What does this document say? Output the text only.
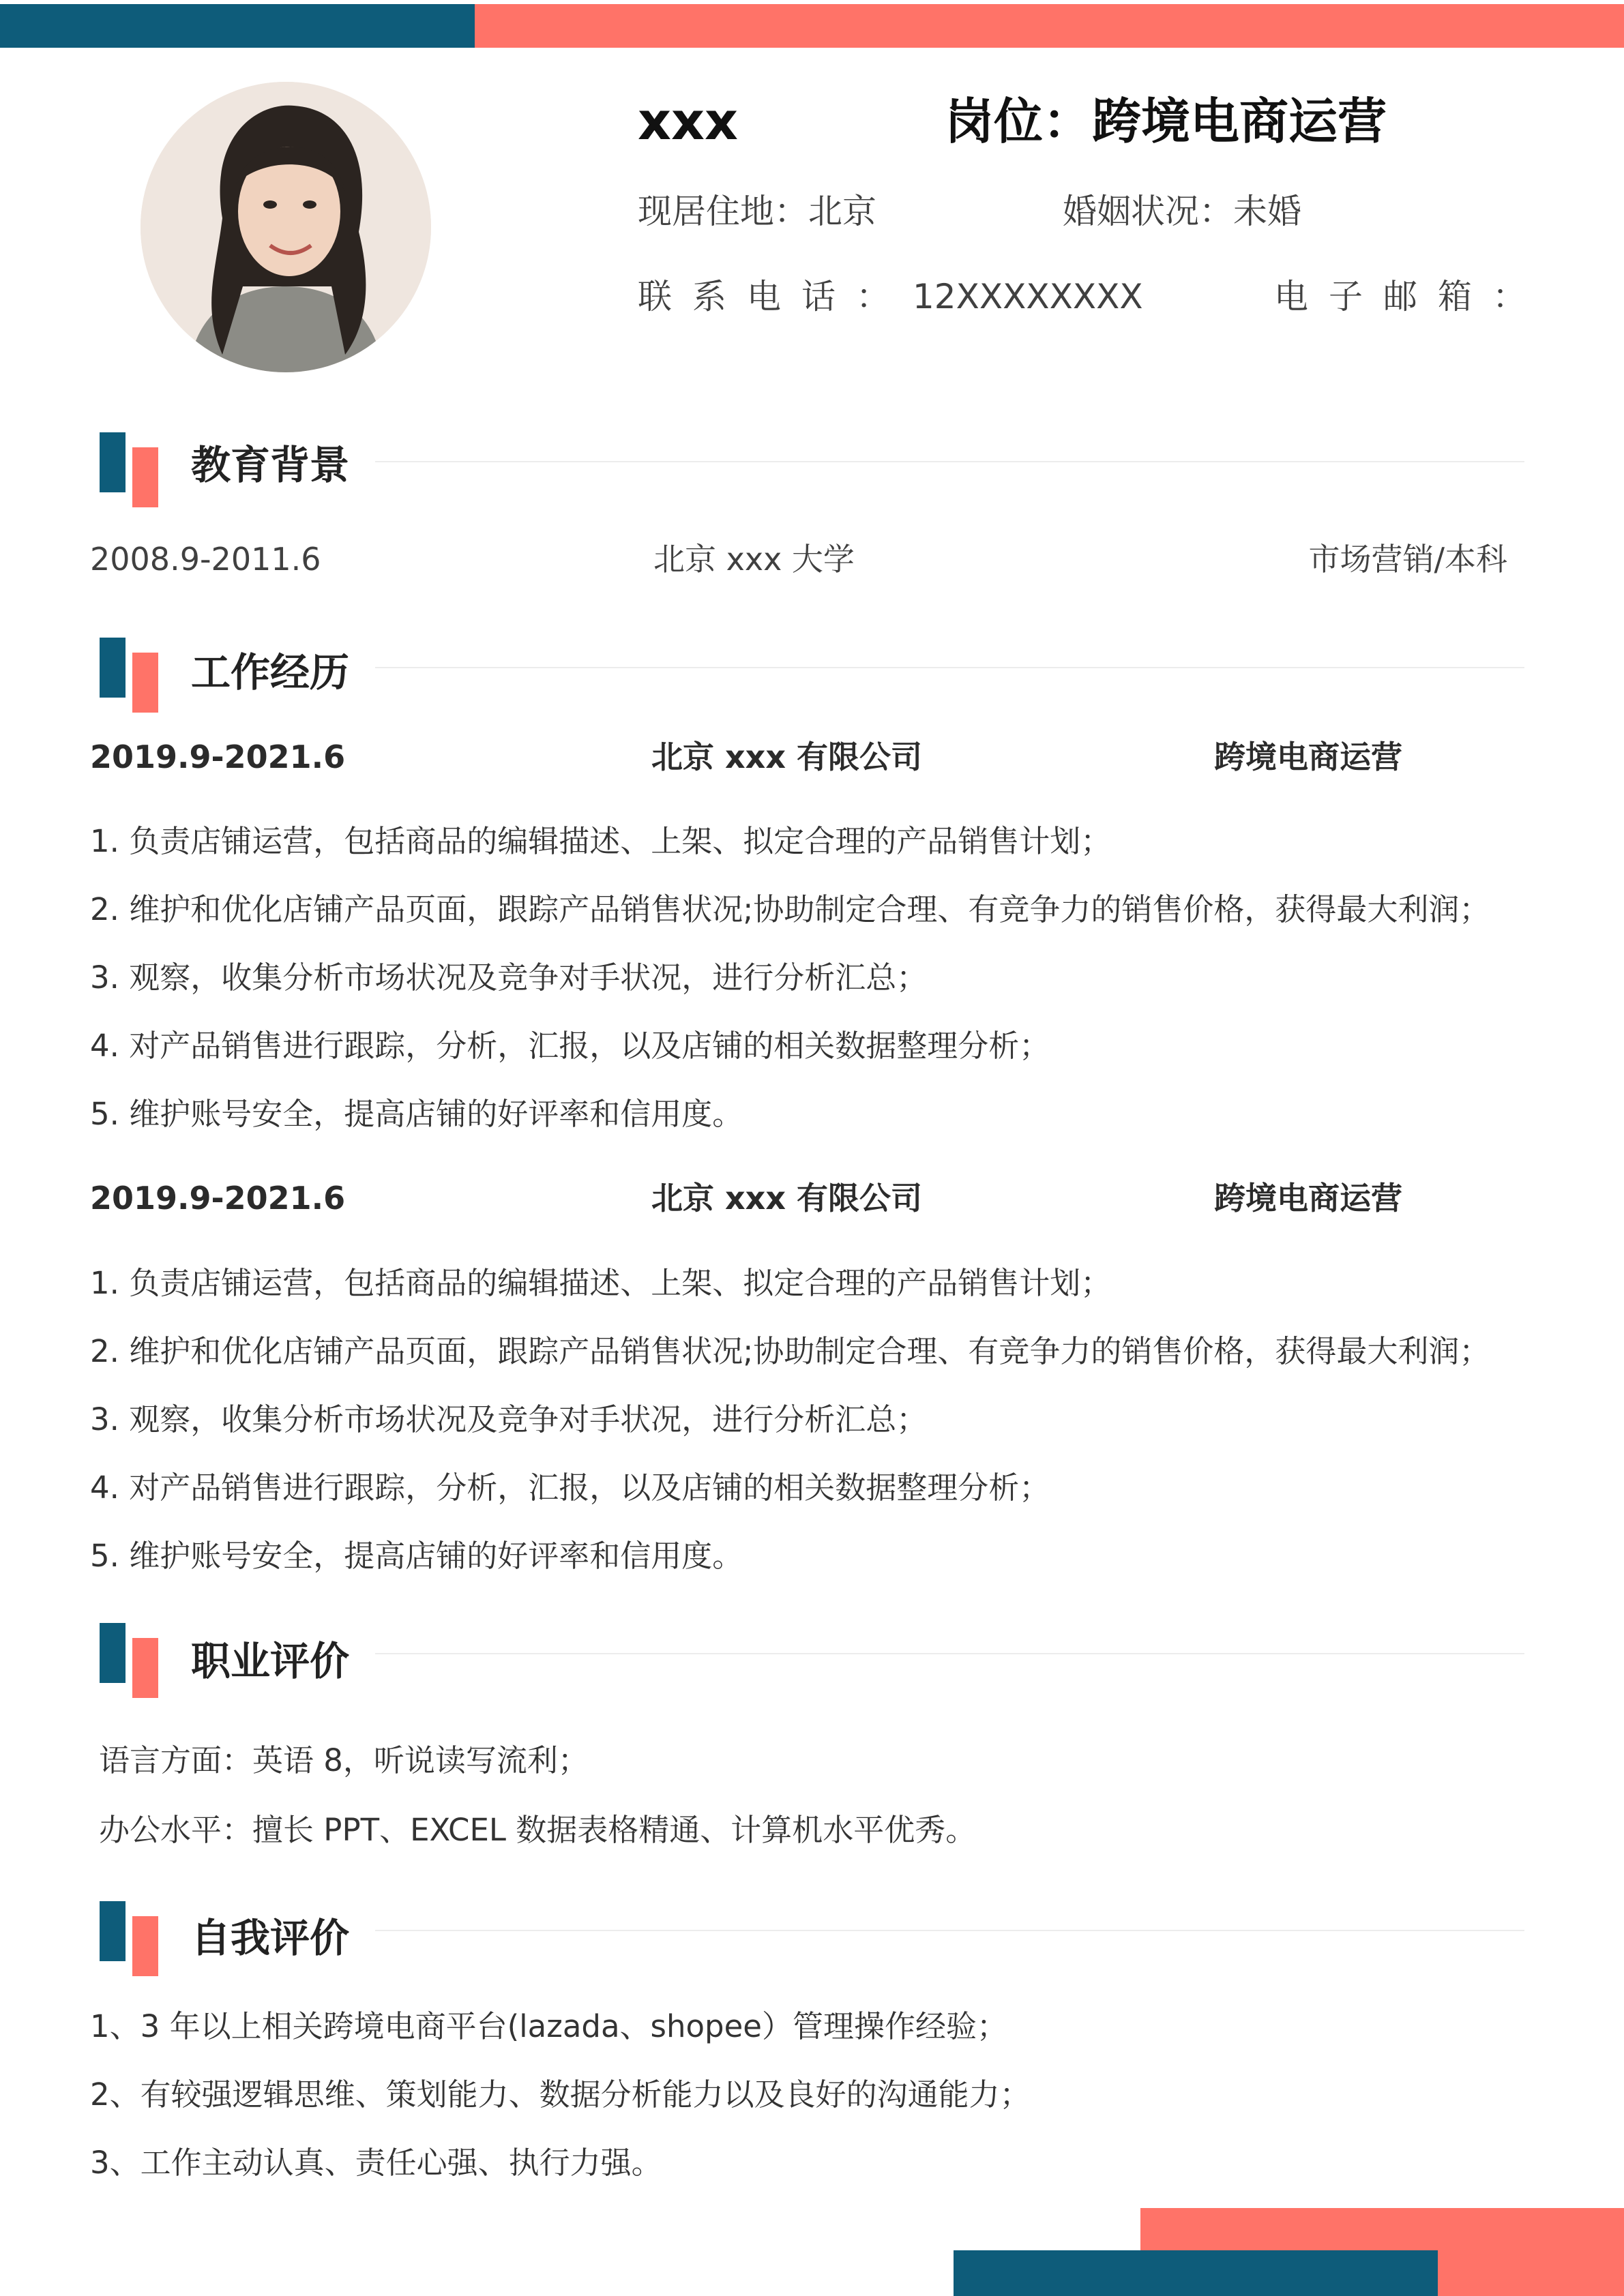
xxx	岗位：跨境电商运营
现居住地：北京	婚姻状况：未婚
联系电话： 12XXXXXXXX	电子邮箱：
教育背景
2008.9-2011.6	北京 xxx 大学	市场营销/本科
工作经历
2019.9-2021.6	北京 xxx 有限公司	跨境电商运营
1. 负责店铺运营，包括商品的编辑描述、上架、拟定合理的产品销售计划；
2. 维护和优化店铺产品页面，跟踪产品销售状况;协助制定合理、有竞争力的销售价格，获得最大利润；
3. 观察，收集分析市场状况及竞争对手状况，进行分析汇总；
4. 对产品销售进行跟踪，分析，汇报，以及店铺的相关数据整理分析；
5. 维护账号安全，提高店铺的好评率和信用度。
2019.9-2021.6	北京 xxx 有限公司	跨境电商运营
1. 负责店铺运营，包括商品的编辑描述、上架、拟定合理的产品销售计划；
2. 维护和优化店铺产品页面，跟踪产品销售状况;协助制定合理、有竞争力的销售价格，获得最大利润；
3. 观察，收集分析市场状况及竞争对手状况，进行分析汇总；
4. 对产品销售进行跟踪，分析，汇报，以及店铺的相关数据整理分析；
5. 维护账号安全，提高店铺的好评率和信用度。
职业评价
语言方面：英语 8，听说读写流利；
办公水平：擅长 PPT、EXCEL 数据表格精通、计算机水平优秀。
自我评价
1、3 年以上相关跨境电商平台(lazada、shopee）管理操作经验；
2、有较强逻辑思维、策划能力、数据分析能力以及良好的沟通能力；
3、工作主动认真、责任心强、执行力强。
